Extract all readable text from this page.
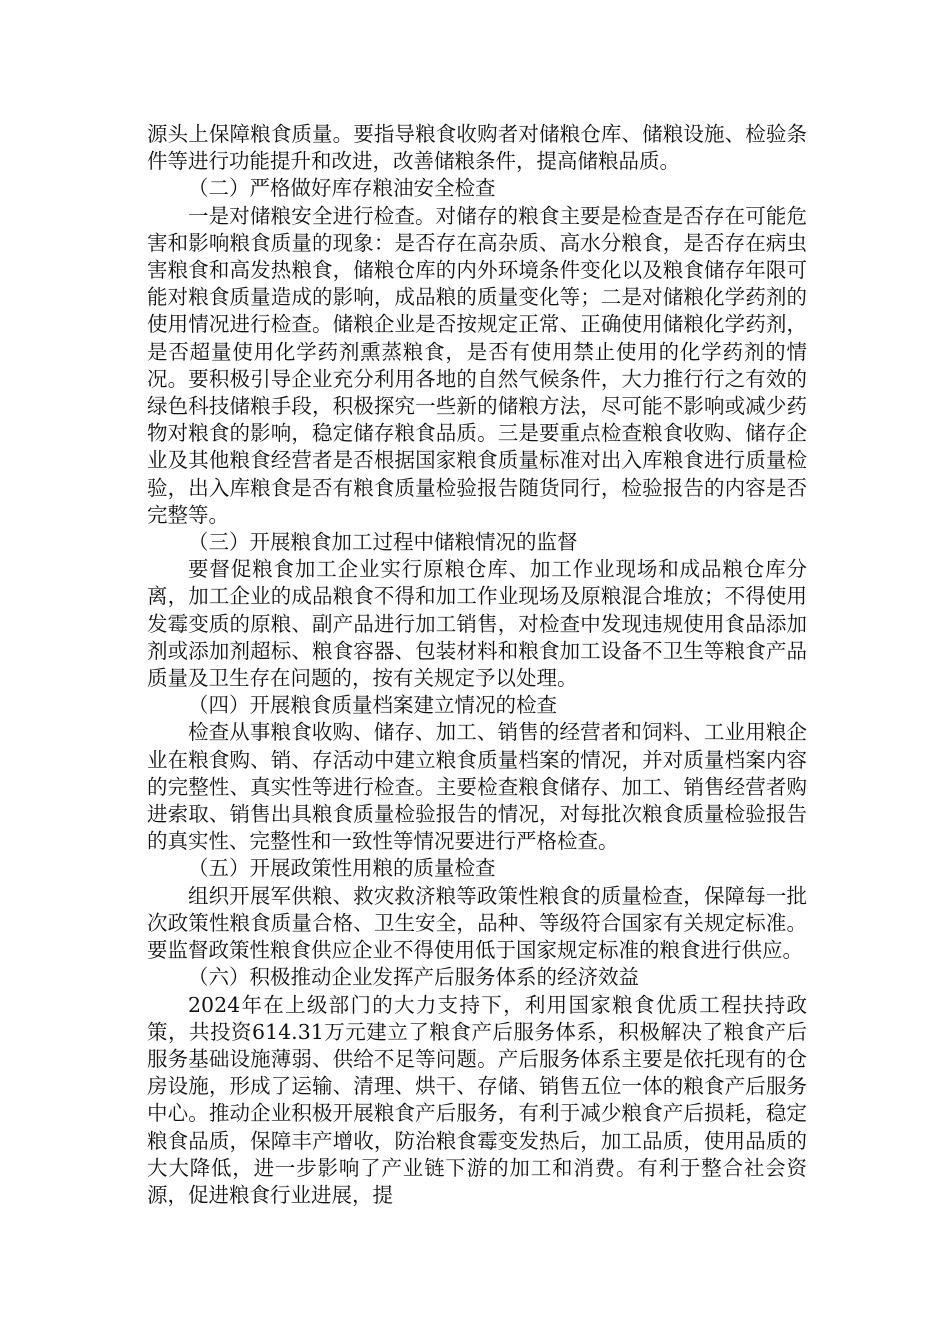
源头上保障粮食质量。要指导粮食收购者对储粮仓库、储粮设施、检验条件等进行功能提升和改进，改善储粮条件，提高储粮品质。

（二）严格做好库存粮油安全检查

一是对储粮安全进行检查。对储存的粮食主要是检查是否存在可能危害和影响粮食质量的现象：是否存在高杂质、高水分粮食，是否存在病虫害粮食和高发热粮食，储粮仓库的内外环境条件变化以及粮食储存年限可能对粮食质量造成的影响，成品粮的质量变化等；二是对储粮化学药剂的使用情况进行检查。储粮企业是否按规定正常、正确使用储粮化学药剂，是否超量使用化学药剂熏蒸粮食，是否有使用禁止使用的化学药剂的情况。要积极引导企业充分利用各地的自然气候条件，大力推行行之有效的绿色科技储粮手段，积极探究一些新的储粮方法，尽可能不影响或减少药物对粮食的影响，稳定储存粮食品质。三是要重点检查粮食收购、储存企业及其他粮食经营者是否根据国家粮食质量标准对出入库粮食进行质量检验，出入库粮食是否有粮食质量检验报告随货同行，检验报告的内容是否完整等。

（三）开展粮食加工过程中储粮情况的监督

要督促粮食加工企业实行原粮仓库、加工作业现场和成品粮仓库分离，加工企业的成品粮食不得和加工作业现场及原粮混合堆放；不得使用发霉变质的原粮、副产品进行加工销售，对检查中发现违规使用食品添加剂或添加剂超标、粮食容器、包装材料和粮食加工设备不卫生等粮食产品质量及卫生存在问题的，按有关规定予以处理。

（四）开展粮食质量档案建立情况的检查

检查从事粮食收购、储存、加工、销售的经营者和饲料、工业用粮企业在粮食购、销、存活动中建立粮食质量档案的情况，并对质量档案内容的完整性、真实性等进行检查。主要检查粮食储存、加工、销售经营者购进索取、销售出具粮食质量检验报告的情况，对每批次粮食质量检验报告的真实性、完整性和一致性等情况要进行严格检查。

（五）开展政策性用粮的质量检查

组织开展军供粮、救灾救济粮等政策性粮食的质量检查，保障每一批次政策性粮食质量合格、卫生安全，品种、等级符合国家有关规定标准。要监督政策性粮食供应企业不得使用低于国家规定标准的粮食进行供应。

（六）积极推动企业发挥产后服务体系的经济效益

2024年在上级部门的大力支持下，利用国家粮食优质工程扶持政策，共投资614.31万元建立了粮食产后服务体系，积极解决了粮食产后服务基础设施薄弱、供给不足等问题。产后服务体系主要是依托现有的仓房设施，形成了运输、清理、烘干、存储、销售五位一体的粮食产后服务中心。推动企业积极开展粮食产后服务，有利于减少粮食产后损耗，稳定粮食品质，保障丰产增收，防治粮食霉变发热后，加工品质，使用品质的大大降低，进一步影响了产业链下游的加工和消费。有利于整合社会资源，促进粮食行业进展，提
